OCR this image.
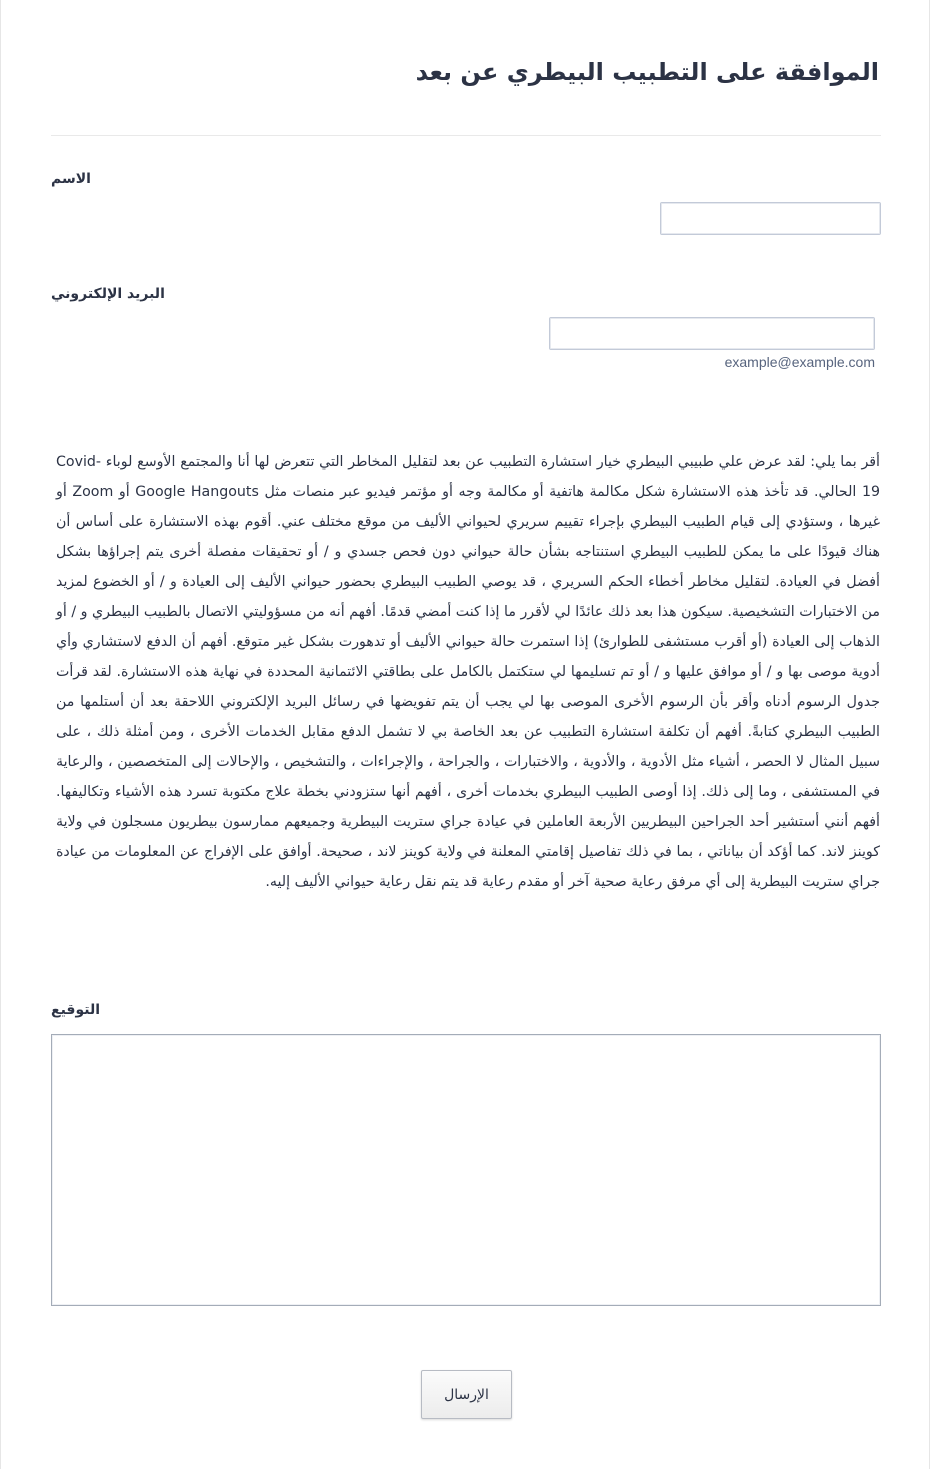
الموافقة على التطبيب البيطري عن بعد
الاسم
البريد الإلكتروني
example@example.com

أقر بما يلي: لقد عرض علي طبيبي البيطري خيار استشارة التطبيب عن بعد لتقليل المخاطر التي تتعرض لها أنا والمجتمع الأوسع لوباء Covid-19 الحالي. قد تأخذ هذه الاستشارة شكل مكالمة هاتفية أو مكالمة وجه أو مؤتمر فيديو عبر منصات مثل Google Hangouts أو Zoom أو غيرها ، وستؤدي إلى قيام الطبيب البيطري بإجراء تقييم سريري لحيواني الأليف من موقع مختلف عني. أقوم بهذه الاستشارة على أساس أن هناك قيودًا على ما يمكن للطبيب البيطري استنتاجه بشأن حالة حيواني دون فحص جسدي و / أو تحقيقات مفصلة أخرى يتم إجراؤها بشكل أفضل في العيادة. لتقليل مخاطر أخطاء الحكم السريري ، قد يوصي الطبيب البيطري بحضور حيواني الأليف إلى العيادة و / أو الخضوع لمزيد من الاختبارات التشخيصية. سيكون هذا بعد ذلك عائدًا لي لأقرر ما إذا كنت أمضي قدمًا. أفهم أنه من مسؤوليتي الاتصال بالطبيب البيطري و / أو الذهاب إلى العيادة (أو أقرب مستشفى للطوارئ) إذا استمرت حالة حيواني الأليف أو تدهورت بشكل غير متوقع. أفهم أن الدفع لاستشاري وأي أدوية موصى بها و / أو موافق عليها و / أو تم تسليمها لي ستكتمل بالكامل على بطاقتي الائتمانية المحددة في نهاية هذه الاستشارة. لقد قرأت جدول الرسوم أدناه وأقر بأن الرسوم الأخرى الموصى بها لي يجب أن يتم تفويضها في رسائل البريد الإلكتروني اللاحقة بعد أن أستلمها من الطبيب البيطري كتابةً. أفهم أن تكلفة استشارة التطبيب عن بعد الخاصة بي لا تشمل الدفع مقابل الخدمات الأخرى ، ومن أمثلة ذلك ، على سبيل المثال لا الحصر ، أشياء مثل الأدوية ، والأدوية ، والاختبارات ، والجراحة ، والإجراءات ، والتشخيص ، والإحالات إلى المتخصصين ، والرعاية في المستشفى ، وما إلى ذلك. إذا أوصى الطبيب البيطري بخدمات أخرى ، أفهم أنها ستزودني بخطة علاج مكتوبة تسرد هذه الأشياء وتكاليفها. أفهم أنني أستشير أحد الجراحين البيطريين الأربعة العاملين في عيادة جراي ستريت البيطرية وجميعهم ممارسون بيطريون مسجلون في ولاية كوينز لاند. كما أؤكد أن بياناتي ، بما في ذلك تفاصيل إقامتي المعلنة في ولاية كوينز لاند ، صحيحة. أوافق على الإفراج عن المعلومات من عيادة جراي ستريت البيطرية إلى أي مرفق رعاية صحية آخر أو مقدم رعاية قد يتم نقل رعاية حيواني الأليف إليه.

التوقيع
الإرسال
